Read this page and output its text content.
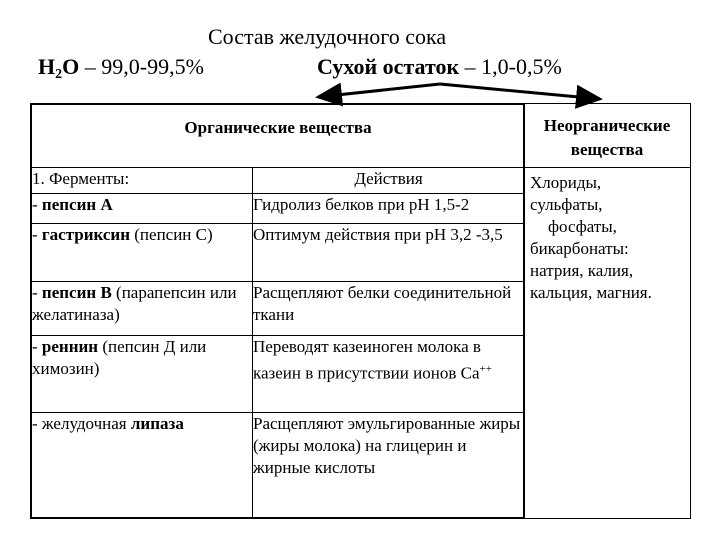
Состав желудочного сока
$H_2O - 99,0-99,5\%$	Сухой остаток – 1,0-0,5%
Органические вещества
1. Ферменты:	Действия
- пепсин А	Гидролиз белков при рН 1,5-2
- гастриксин (пепсин С)	Оптимум действия при рН 3,2 -3,5
- пепсин В (парапепсин или желатиназа)	Расщепляют белки соединительной ткани
- реннин (пепсин Д или химозин)	Переводят казеиноген молока в казеин в присутствии ионов Ca++
- желудочная липаза	Расщепляют эмульгированные жиры (жиры молока) на глицерин и жирные кислоты

Неорганические
вещества

Хлориды,
сульфаты,
фосфаты,
бикарбонаты:
натрия, калия,
кальция, магния.
